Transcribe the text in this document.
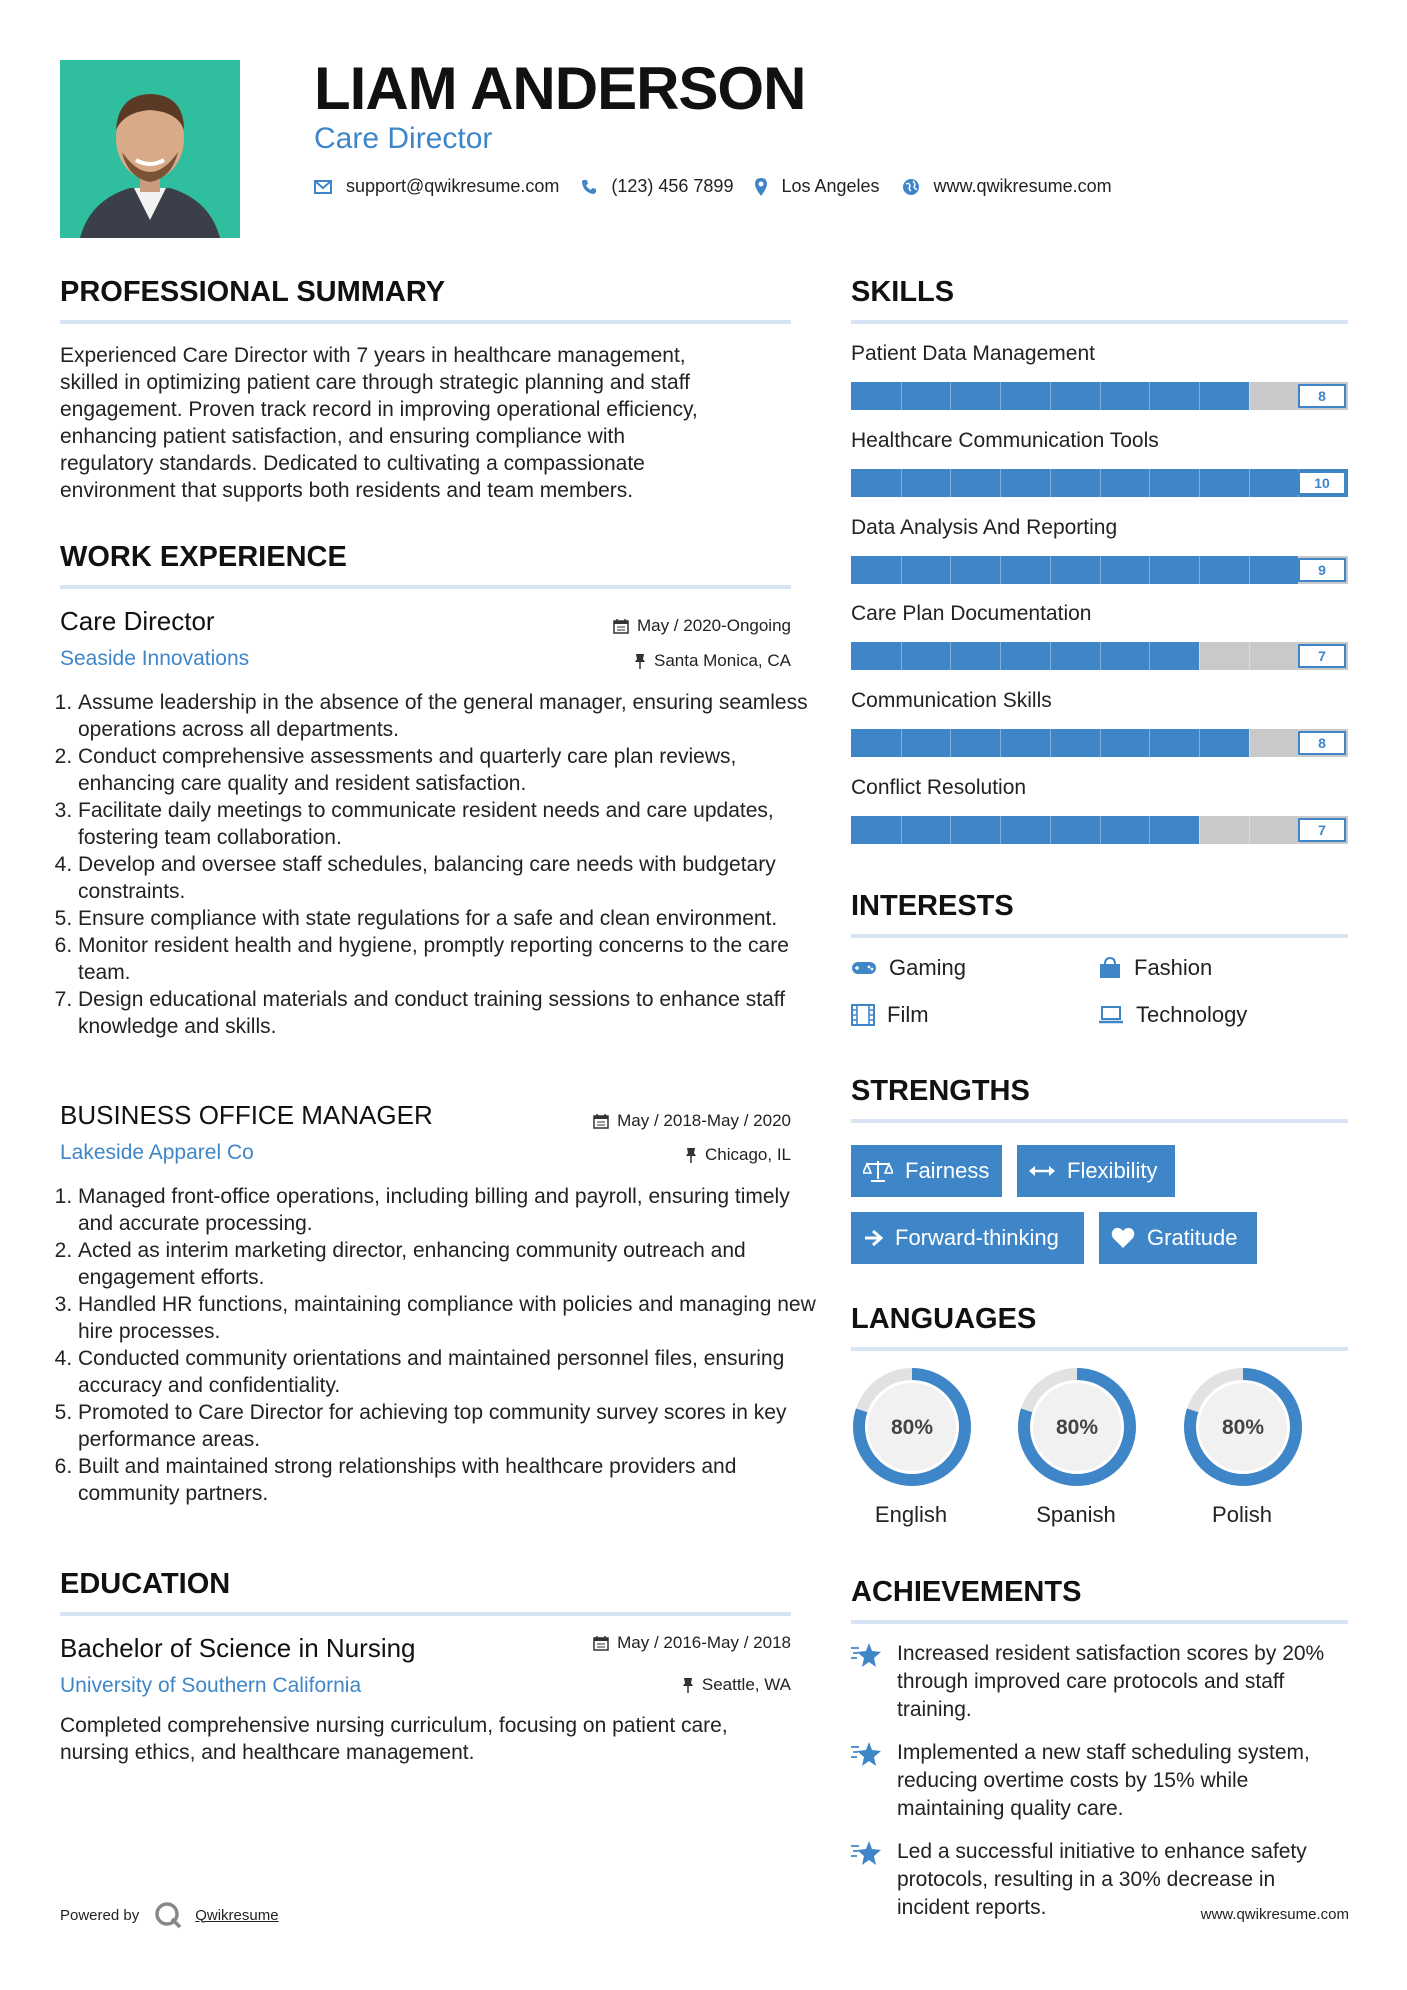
LIAM ANDERSON
Care Director
support@qwikresume.com	(123) 456 7899	Los Angeles	www.qwikresume.com
PROFESSIONAL SUMMARY
Experienced Care Director with 7 years in healthcare management,
skilled in optimizing patient care through strategic planning and staff
engagement. Proven track record in improving operational efficiency,
enhancing patient satisfaction, and ensuring compliance with
regulatory standards. Dedicated to cultivating a compassionate
environment that supports both residents and team members.
WORK EXPERIENCE
Care Director	May / 2020-Ongoing
Seaside Innovations	Santa Monica, CA
1. Assume leadership in the absence of the general manager, ensuring seamless operations across all departments.
2. Conduct comprehensive assessments and quarterly care plan reviews, enhancing care quality and resident satisfaction.
3. Facilitate daily meetings to communicate resident needs and care updates, fostering team collaboration.
4. Develop and oversee staff schedules, balancing care needs with budgetary constraints.
5. Ensure compliance with state regulations for a safe and clean environment.
6. Monitor resident health and hygiene, promptly reporting concerns to the care team.
7. Design educational materials and conduct training sessions to enhance staff knowledge and skills.
BUSINESS OFFICE MANAGER	May / 2018-May / 2020
Lakeside Apparel Co	Chicago, IL
1. Managed front-office operations, including billing and payroll, ensuring timely and accurate processing.
2. Acted as interim marketing director, enhancing community outreach and engagement efforts.
3. Handled HR functions, maintaining compliance with policies and managing new hire processes.
4. Conducted community orientations and maintained personnel files, ensuring accuracy and confidentiality.
5. Promoted to Care Director for achieving top community survey scores in key performance areas.
6. Built and maintained strong relationships with healthcare providers and community partners.
EDUCATION
Bachelor of Science in Nursing	May / 2016-May / 2018
University of Southern California	Seattle, WA
Completed comprehensive nursing curriculum, focusing on patient care, nursing ethics, and healthcare management.
SKILLS
Patient Data Management
8
Healthcare Communication Tools
10
Data Analysis And Reporting
9
Care Plan Documentation
7
Communication Skills
8
Conflict Resolution
7
INTERESTS
Gaming	Fashion
Film	Technology
STRENGTHS
Fairness	Flexibility
Forward-thinking	Gratitude
LANGUAGES
80%	80%	80%
English	Spanish	Polish
ACHIEVEMENTS
Increased resident satisfaction scores by 20% through improved care protocols and staff training.
Implemented a new staff scheduling system, reducing overtime costs by 15% while maintaining quality care.
Led a successful initiative to enhance safety protocols, resulting in a 30% decrease in incident reports.
Powered by	Qwikresume	www.qwikresume.com
